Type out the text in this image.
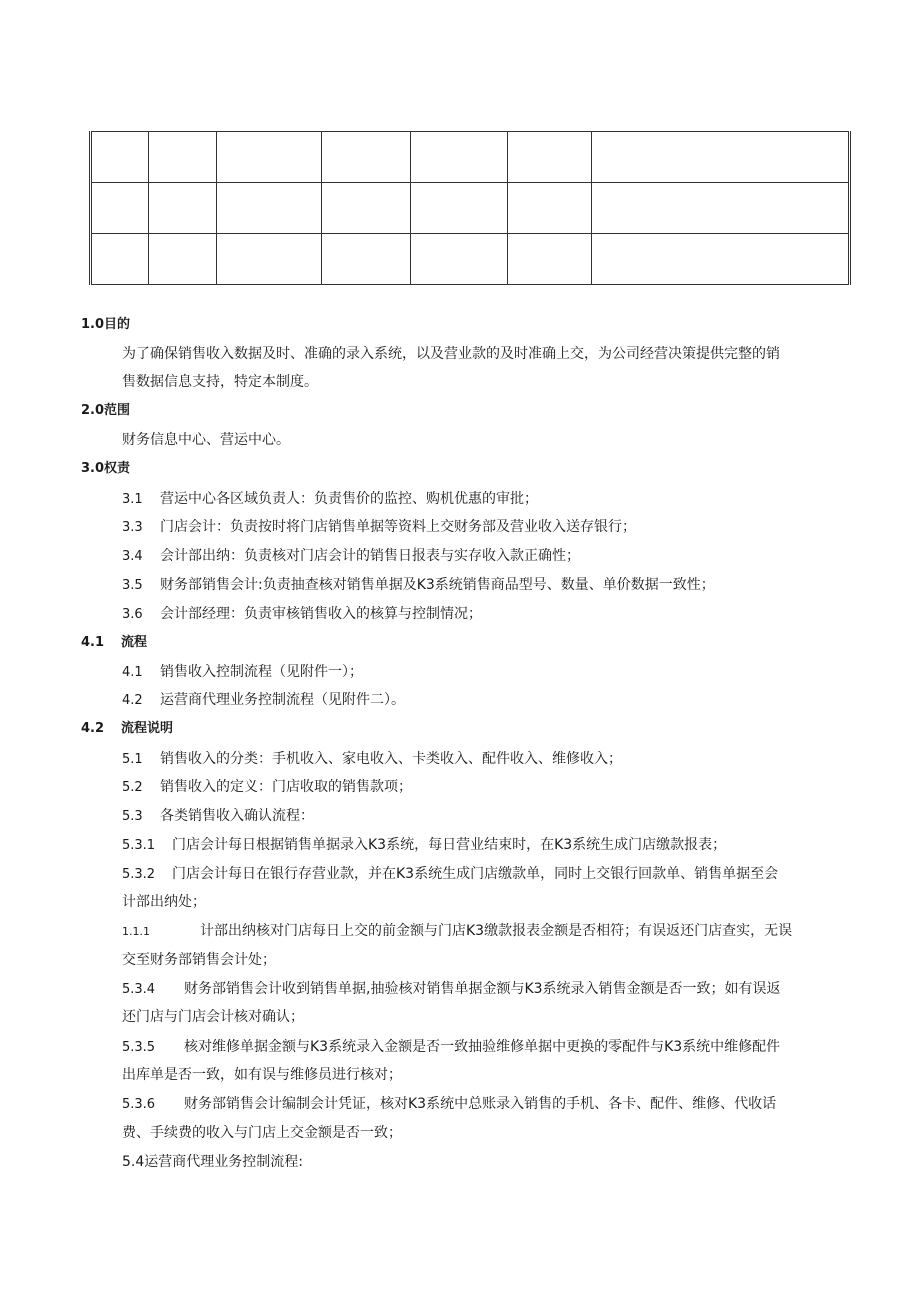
1.0目的
为了确保销售收入数据及时、准确的录入系统，以及营业款的及时准确上交，为公司经营决策提供完整的销
售数据信息支持，特定本制度。
2.0范围
财务信息中心、营运中心。
3.0权责
3.1 营运中心各区域负责人：负责售价的监控、购机优惠的审批；
3.3 门店会计：负责按时将门店销售单据等资料上交财务部及营业收入送存银行；
3.4 会计部出纳：负责核对门店会计的销售日报表与实存收入款正确性；
3.5 财务部销售会计:负责抽查核对销售单据及K3系统销售商品型号、数量、单价数据一致性；
3.6 会计部经理：负责审核销售收入的核算与控制情况；
4.1 流程
4.1 销售收入控制流程（见附件一）；
4.2 运营商代理业务控制流程（见附件二）。
4.2 流程说明
5.1 销售收入的分类：手机收入、家电收入、卡类收入、配件收入、维修收入；
5.2 销售收入的定义：门店收取的销售款项；
5.3 各类销售收入确认流程：
5.3.1 门店会计每日根据销售单据录入K3系统，每日营业结束时，在K3系统生成门店缴款报表；
5.3.2 门店会计每日在银行存营业款，并在K3系统生成门店缴款单，同时上交银行回款单、销售单据至会
计部出纳处；
1.1.1	计部出纳核对门店每日上交的前金额与门店K3缴款报表金额是否相符；有误返还门店查实，无误
交至财务部销售会计处；
5.3.4 财务部销售会计收到销售单据,抽验核对销售单据金额与K3系统录入销售金额是否一致；如有误返
还门店与门店会计核对确认；
5.3.5 核对维修单据金额与K3系统录入金额是否一致抽验维修单据中更换的零配件与K3系统中维修配件
出库单是否一致，如有误与维修员进行核对；
5.3.6 财务部销售会计编制会计凭证，核对K3系统中总账录入销售的手机、各卡、配件、维修、代收话
费、手续费的收入与门店上交金额是否一致；
5.4运营商代理业务控制流程:
